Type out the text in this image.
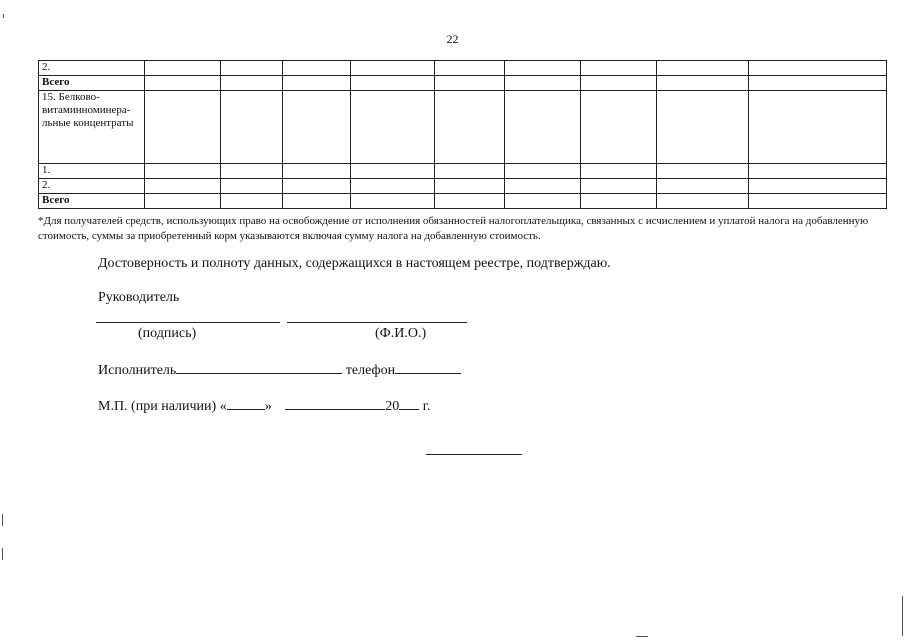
22
2.									
Всего									
15. Белково-витаминноминера-льные концентраты									
1.									
2.									
Всего									
*Для получателей средств, использующих право на освобождение от исполнения обязанностей налогоплательщика, связанных с исчислением и уплатой налога на добавленную стоимость, суммы за приобретенный корм указываются включая сумму налога на добавленную стоимость.
Достоверность и полноту данных, содержащихся в настоящем реестре, подтверждаю.
Руководитель
(подпись)	(Ф.И.О.)
Исполнитель	телефон
М.П. (при наличии) «	»	20 г.
